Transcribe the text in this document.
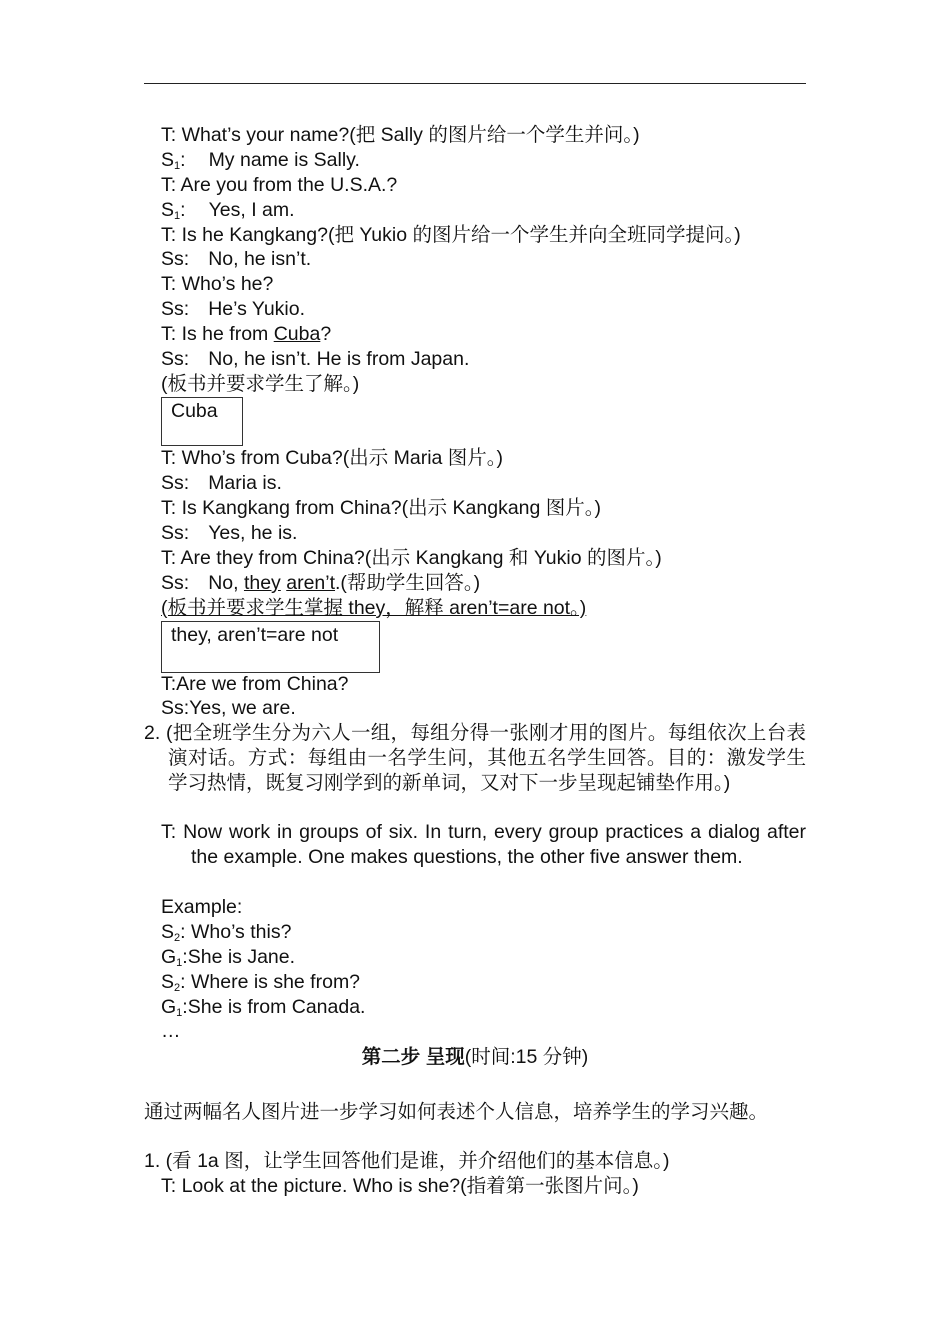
T: What’s your name?(把 Sally 的图片给一个学生并问。)
$S_1$: My name is Sally.
T: Are you from the U.S.A.?
$S_1$: Yes, I am.
T: Is he Kangkang?(把 Yukio 的图片给一个学生并向全班同学提问。)
Ss: No, he isn’t.
T: Who’s he?
Ss: He’s Yukio.
T: Is he from Cuba?
Ss: No, he isn’t. He is from Japan.
(板书并要求学生了解。)
Cuba
T: Who’s from Cuba?(出示 Maria 图片。)
Ss: Maria is.
T: Is Kangkang from China?(出示 Kangkang 图片。)
Ss: Yes, he is.
T: Are they from China?(出示 Kangkang 和 Yukio 的图片。)
Ss: No, they aren’t.(帮助学生回答。)
(板书并要求学生掌握 they，解释 aren’t=are not。)
they, aren’t=are not
T:Are we from China?
Ss:Yes, we are.
2. (把全班学生分为六人一组，每组分得一张刚才用的图片。每组依次上台表演对话。方式：每组由一名学生问，其他五名学生回答。目的：激发学生学习热情，既复习刚学到的新单词，又对下一步呈现起铺垫作用。)
T: Now work in groups of six. In turn, every group practices a dialog after the example. One makes questions, the other five answer them.
Example:
$S_2$: Who’s this?
$G_1:She$ is Jane.
$S_2$: Where is she from?
$G_1:She$ is from Canada.
…
第二步 呈现(时间:15 分钟)
通过两幅名人图片进一步学习如何表述个人信息，培养学生的学习兴趣。
1. (看 1a 图，让学生回答他们是谁，并介绍他们的基本信息。)
T: Look at the picture. Who is she?(指着第一张图片问。)
